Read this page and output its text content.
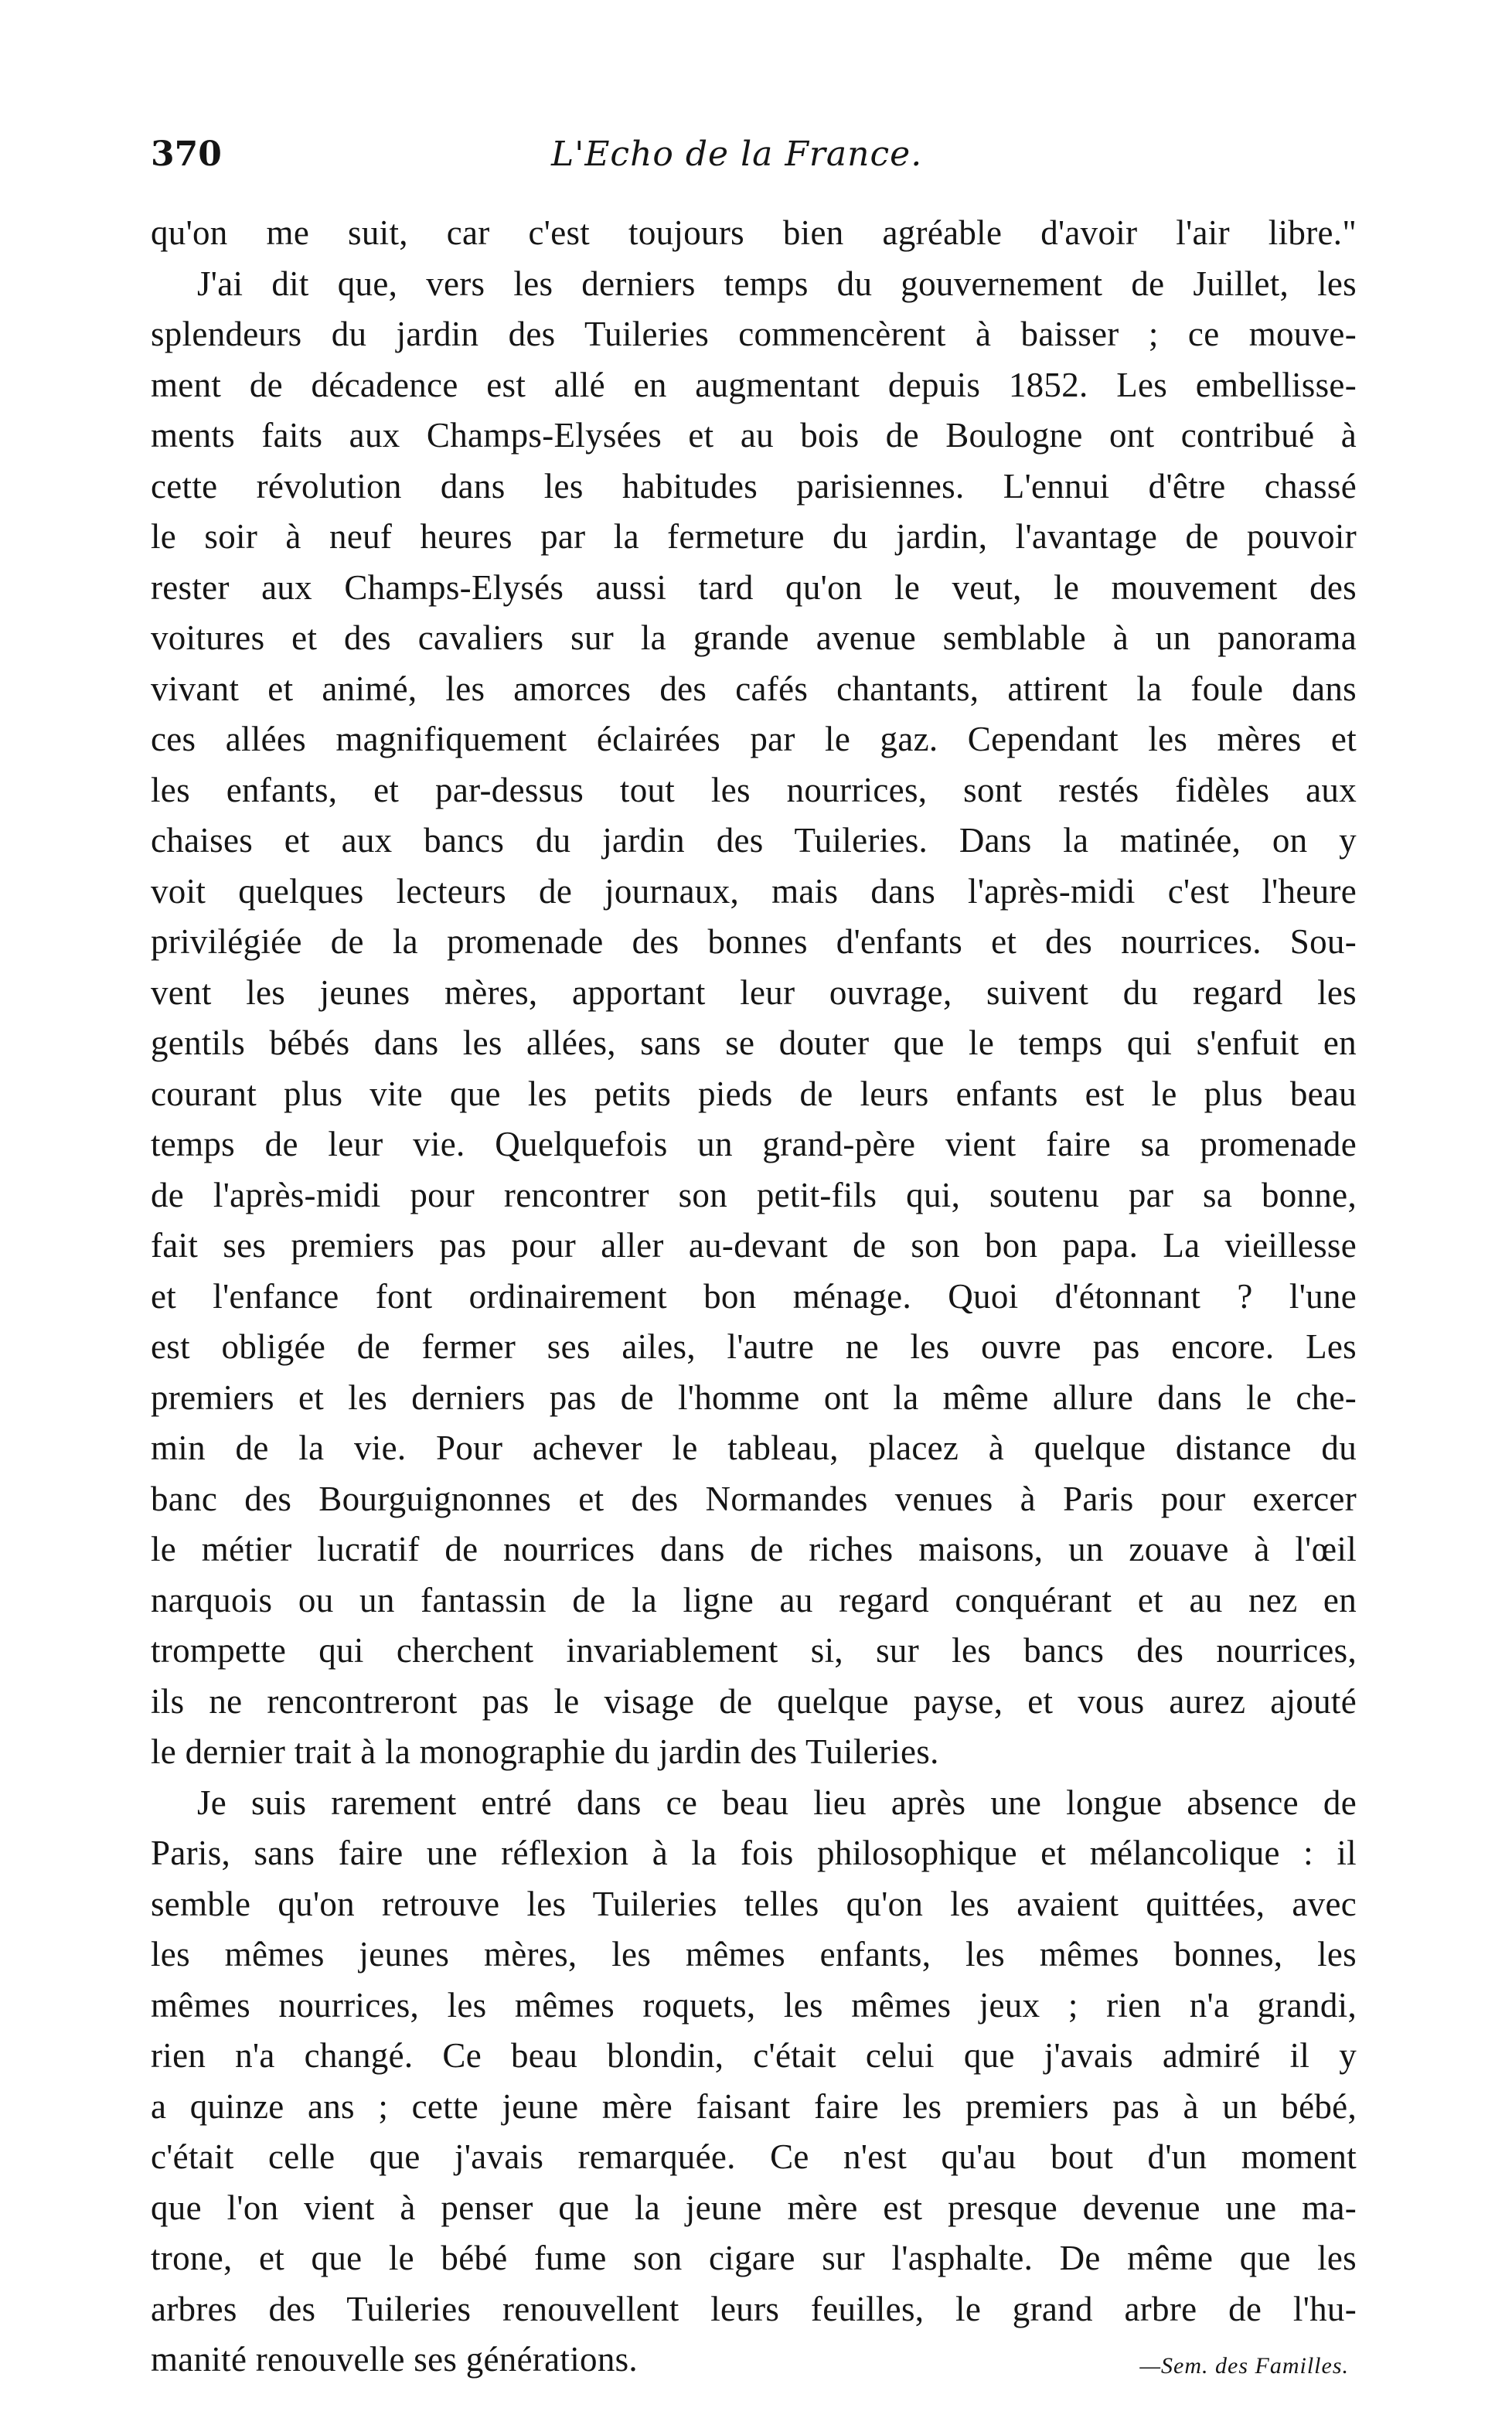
370	L'Echo de la France.
qu'on me suit, car c'est toujours bien agréable d'avoir l'air libre."
J'ai dit que, vers les derniers temps du gouvernement de Juillet, les
splendeurs du jardin des Tuileries commencèrent à baisser ; ce mouve-
ment de décadence est allé en augmentant depuis 1852. Les embellisse-
ments faits aux Champs-Elysées et au bois de Boulogne ont contribué à
cette révolution dans les habitudes parisiennes. L'ennui d'être chassé
le soir à neuf heures par la fermeture du jardin, l'avantage de pouvoir
rester aux Champs-Elysés aussi tard qu'on le veut, le mouvement des
voitures et des cavaliers sur la grande avenue semblable à un panorama
vivant et animé, les amorces des cafés chantants, attirent la foule dans
ces allées magnifiquement éclairées par le gaz. Cependant les mères et
les enfants, et par-dessus tout les nourrices, sont restés fidèles aux
chaises et aux bancs du jardin des Tuileries. Dans la matinée, on y
voit quelques lecteurs de journaux, mais dans l'après-midi c'est l'heure
privilégiée de la promenade des bonnes d'enfants et des nourrices. Sou-
vent les jeunes mères, apportant leur ouvrage, suivent du regard les
gentils bébés dans les allées, sans se douter que le temps qui s'enfuit en
courant plus vite que les petits pieds de leurs enfants est le plus beau
temps de leur vie. Quelquefois un grand-père vient faire sa promenade
de l'après-midi pour rencontrer son petit-fils qui, soutenu par sa bonne,
fait ses premiers pas pour aller au-devant de son bon papa. La vieillesse
et l'enfance font ordinairement bon ménage. Quoi d'étonnant ? l'une
est obligée de fermer ses ailes, l'autre ne les ouvre pas encore. Les
premiers et les derniers pas de l'homme ont la même allure dans le che-
min de la vie. Pour achever le tableau, placez à quelque distance du
banc des Bourguignonnes et des Normandes venues à Paris pour exercer
le métier lucratif de nourrices dans de riches maisons, un zouave à l'œil
narquois ou un fantassin de la ligne au regard conquérant et au nez en
trompette qui cherchent invariablement si, sur les bancs des nourrices,
ils ne rencontreront pas le visage de quelque payse, et vous aurez ajouté
le dernier trait à la monographie du jardin des Tuileries.
Je suis rarement entré dans ce beau lieu après une longue absence de
Paris, sans faire une réflexion à la fois philosophique et mélancolique : il
semble qu'on retrouve les Tuileries telles qu'on les avaient quittées, avec
les mêmes jeunes mères, les mêmes enfants, les mêmes bonnes, les
mêmes nourrices, les mêmes roquets, les mêmes jeux ; rien n'a grandi,
rien n'a changé. Ce beau blondin, c'était celui que j'avais admiré il y
a quinze ans ; cette jeune mère faisant faire les premiers pas à un bébé,
c'était celle que j'avais remarquée. Ce n'est qu'au bout d'un moment
que l'on vient à penser que la jeune mère est presque devenue une ma-
trone, et que le bébé fume son cigare sur l'asphalte. De même que les
arbres des Tuileries renouvellent leurs feuilles, le grand arbre de l'hu-
manité renouvelle ses générations.	—Sem. des Familles.
